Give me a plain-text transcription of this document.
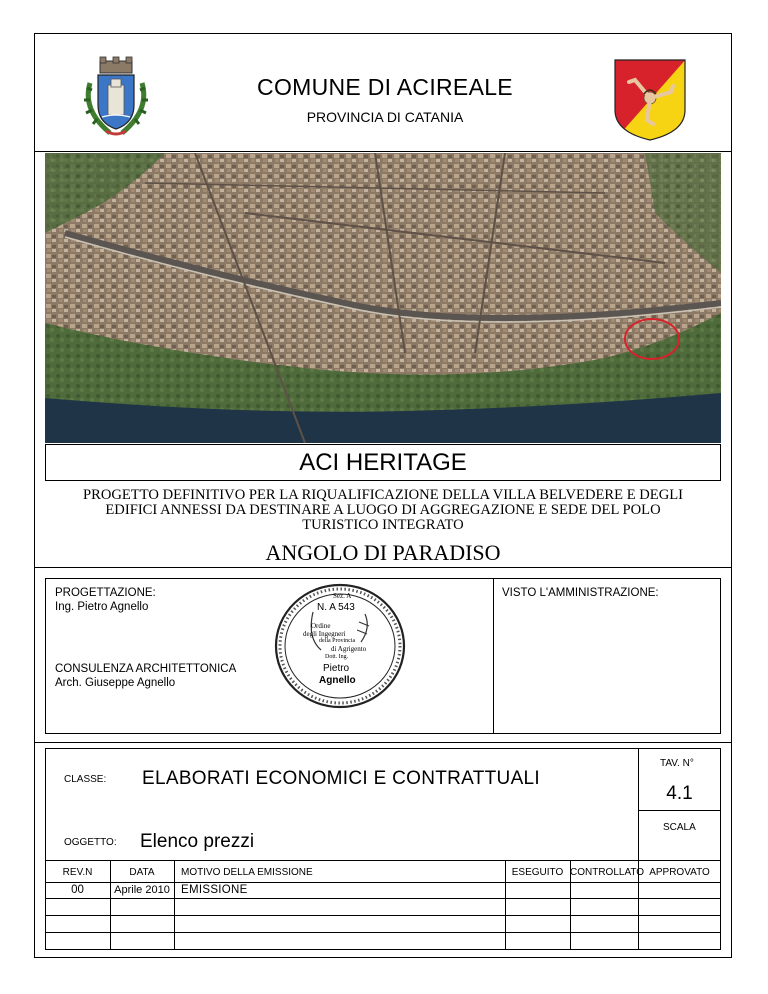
COMUNE DI ACIREALE
PROVINCIA DI CATANIA
ACI HERITAGE
PROGETTO DEFINITIVO PER LA RIQUALIFICAZIONE DELLA VILLA BELVEDERE E DEGLI
EDIFICI ANNESSI DA DESTINARE A LUOGO DI AGGREGAZIONE E SEDE DEL POLO
TURISTICO INTEGRATO
ANGOLO DI PARADISO
PROGETTAZIONE:
Ing. Pietro Agnello
CONSULENZA ARCHITETTONICA
Arch. Giuseppe Agnello
VISTO L'AMMINISTRAZIONE:
Sez. A
N. A 543
Ordine
degli Ingegneri
della Provincia
di Agrigento
Dott. Ing.
Pietro
Agnello
CLASSE: ELABORATI ECONOMICI E CONTRATTUALI
TAV. N°
4.1
OGGETTO: Elenco prezzi
SCALA
REV.N	DATA	MOTIVO DELLA EMISSIONE	ESEGUITO CONTROLLATO APPROVATO
00	Aprile 2010 EMISSIONE
